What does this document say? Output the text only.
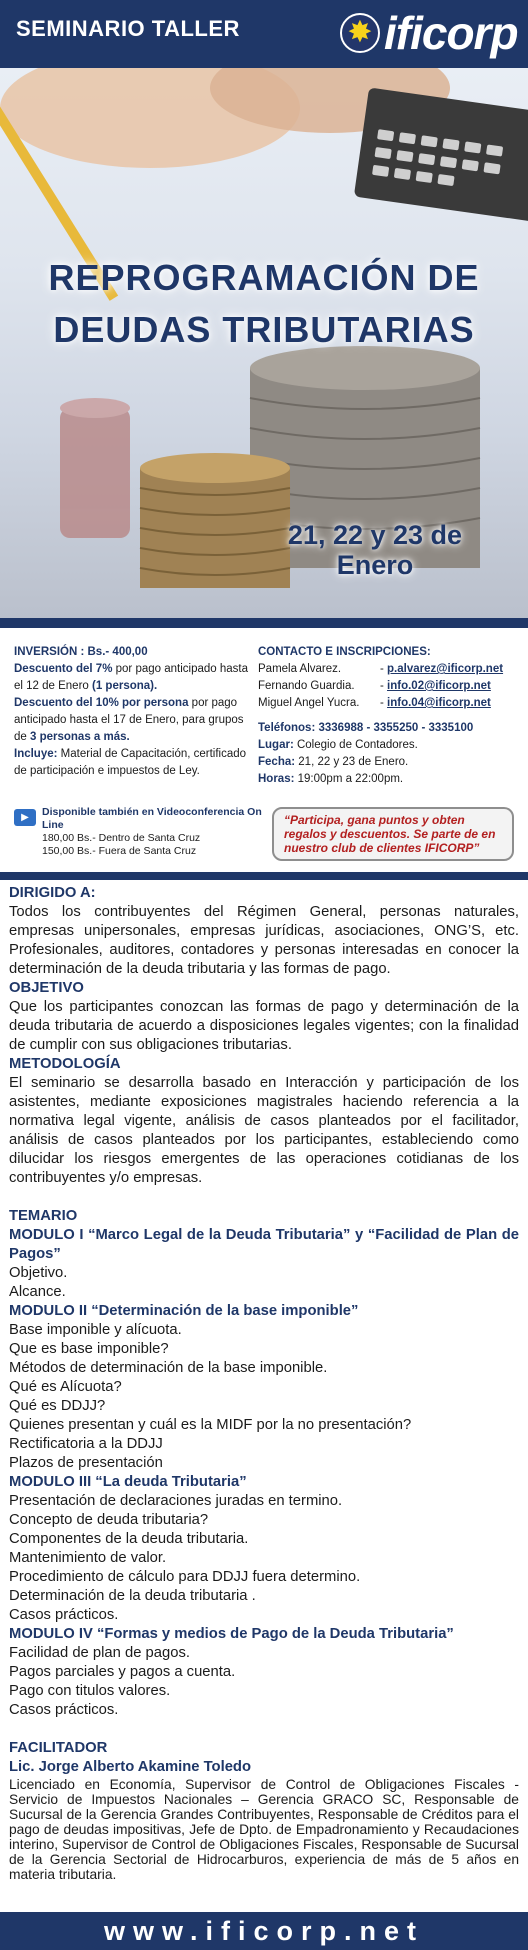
SEMINARIO TALLER	✸ ificorp
REPROGRAMACIÓN DE
DEUDAS TRIBUTARIAS
21, 22 y 23 de
Enero
INVERSIÓN : Bs.- 400,00
Descuento del 7% por pago anticipado hasta el 12 de Enero (1 persona).
Descuento del 10% por persona por pago anticipado hasta el 17 de Enero, para grupos de 3 personas a más.
Incluye: Material de Capacitación, certificado de participación e impuestos de Ley.
CONTACTO E INSCRIPCIONES:
Pamela Alvarez.	- p.alvarez@ificorp.net
Fernando Guardia.	- info.02@ificorp.net
Miguel Angel Yucra.	- info.04@ificorp.net
Teléfonos: 3336988 - 3355250 - 3335100
Lugar: Colegio de Contadores.
Fecha: 21, 22 y 23 de Enero.
Horas: 19:00pm a 22:00pm.
▶	Disponible también en Videoconferencia On Line
180,00 Bs.- Dentro de Santa Cruz
150,00 Bs.- Fuera de Santa Cruz
“Participa, gana puntos y obten regalos y descuentos. Se parte de en nuestro club de clientes IFICORP”
DIRIGIDO A:

Todos los contribuyentes del Régimen General, personas naturales, empresas unipersonales, empresas jurídicas, asociaciones, ONG’S, etc. Profesionales, auditores, contadores y personas interesadas en conocer la determinación de la deuda tributaria y las formas de pago.

OBJETIVO

Que los participantes conozcan las formas de pago y determinación de la deuda tributaria de acuerdo a disposiciones legales vigentes; con la finalidad de cumplir con sus obligaciones tributarias.

METODOLOGÍA

El seminario se desarrolla basado en Interacción y participación de los asistentes, mediante exposiciones magistrales haciendo referencia a la normativa legal vigente, análisis de casos planteados por el facilitador, análisis de casos planteados por los participantes, estableciendo como dilucidar los riesgos emergentes de las operaciones cotidianas de los contribuyentes y/o empresas.

TEMARIO
MODULO I “Marco Legal de la Deuda Tributaria” y “Facilidad de Plan de Pagos”
Objetivo.
Alcance.
MODULO II “Determinación de la base imponible”
Base imponible y alícuota.
Que es base imponible?
Métodos de determinación de la base imponible.
Qué es Alícuota?
Qué es DDJJ?
Quienes presentan y cuál es la MIDF por la no presentación?
Rectificatoria a la DDJJ
Plazos de presentación
MODULO III “La deuda Tributaria”
Presentación de declaraciones juradas en termino.
Concepto de deuda tributaria?
Componentes de la deuda tributaria.
Mantenimiento de valor.
Procedimiento de cálculo para DDJJ fuera determino.
Determinación de la deuda tributaria .
Casos prácticos.
MODULO IV “Formas y medios de Pago de la Deuda Tributaria”
Facilidad de plan de pagos.
Pagos parciales y pagos a cuenta.
Pago con titulos valores.
Casos prácticos.
FACILITADOR
Lic. Jorge Alberto Akamine Toledo

Licenciado en Economía, Supervisor de Control de Obligaciones Fiscales - Servicio de Impuestos Nacionales – Gerencia GRACO SC, Responsable de Sucursal de la Gerencia Grandes Contribuyentes, Responsable de Créditos para el pago de deudas impositivas, Jefe de Dpto. de Empadronamiento y Recaudaciones interino, Supervisor de Control de Obligaciones Fiscales, Responsable de Sucursal de la Gerencia Sectorial de Hidrocarburos, experiencia de más de 5 años en materia tributaria.

www.ificorp.net
